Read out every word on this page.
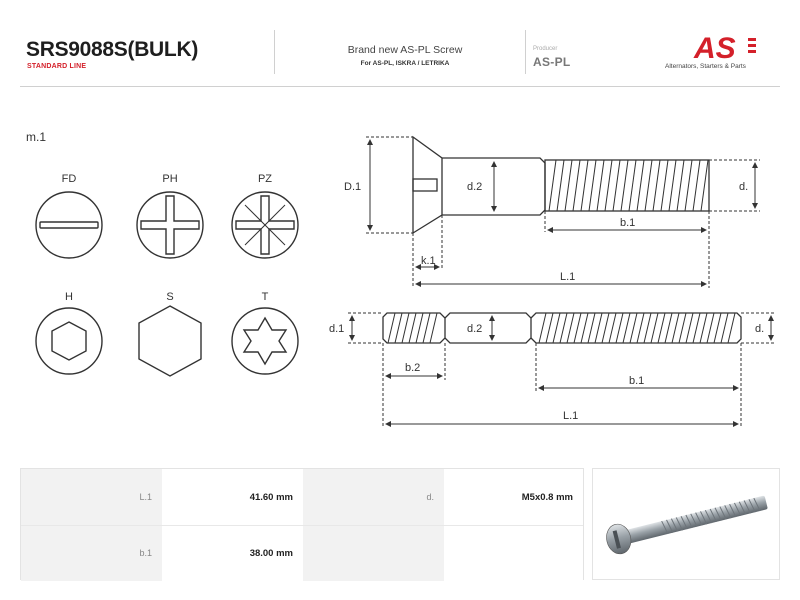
SRS9088S(BULK)
STANDARD LINE
Brand new AS-PL Screw
For AS-PL, ISKRA / LETRIKA
Producer
AS-PL	AS
Alternators, Starters & Parts
m.1
FD	PH	PZ
H	S	T
D.1	d.2	d.
b.1
k.1
L.1
d.1	d.2	d.
b.2
b.1
L.1
L.1	41.60 mm	d.	M5x0.8 mm
b.1	38.00 mm
